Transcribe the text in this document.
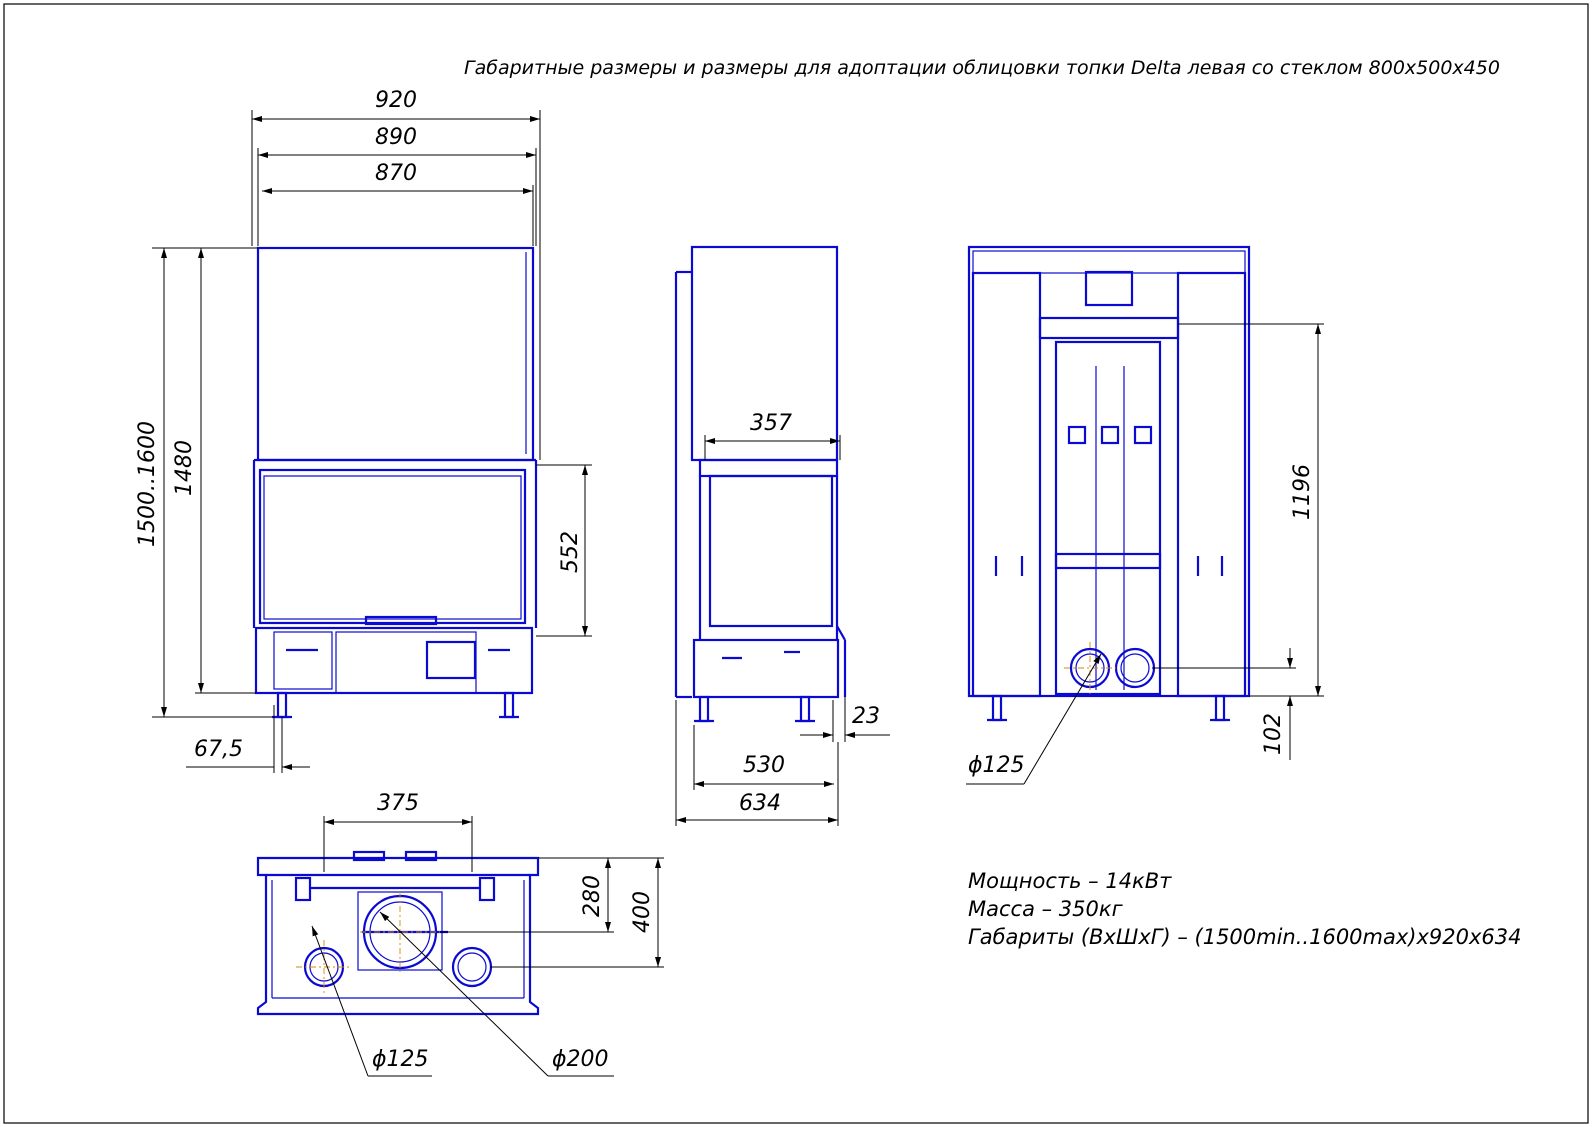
Габаритные размеры и размеры для адоптации облицовки топки Delta левая со стеклом 800х500х450
920
890
870
1500..1600 1480
552
67,5
357
23
530
634
1196
102
ϕ125
375
280 400
ϕ125	ϕ200
Мощность – 14кВт
Масса – 350кг
Габариты (ВхШхГ) – (1500min..1600max)х920х634
